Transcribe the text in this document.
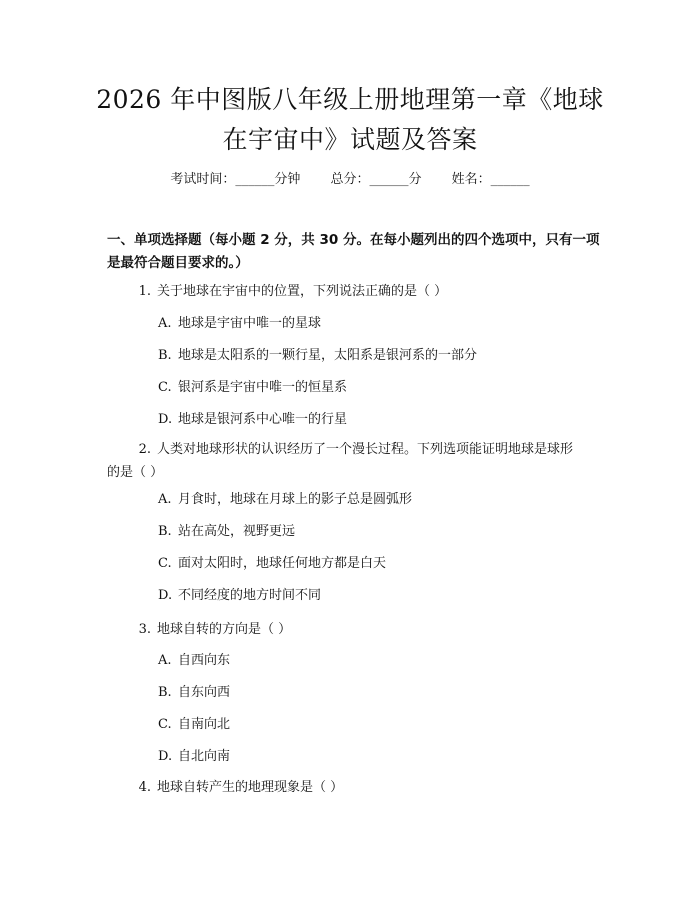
2026 年中图版八年级上册地理第一章《地球
在宇宙中》试题及答案
考试时间：______分钟 总分：______分 姓名：______
一、单项选择题（每小题 2 分，共 30 分。在每小题列出的四个选项中，只有一项
是最符合题目要求的。）
1. 关于地球在宇宙中的位置，下列说法正确的是（ ）
A. 地球是宇宙中唯一的星球
B. 地球是太阳系的一颗行星，太阳系是银河系的一部分
C. 银河系是宇宙中唯一的恒星系
D. 地球是银河系中心唯一的行星
2. 人类对地球形状的认识经历了一个漫长过程。下列选项能证明地球是球形
的是（ ）
A. 月食时，地球在月球上的影子总是圆弧形
B. 站在高处，视野更远
C. 面对太阳时，地球任何地方都是白天
D. 不同经度的地方时间不同
3. 地球自转的方向是（ ）
A. 自西向东
B. 自东向西
C. 自南向北
D. 自北向南
4. 地球自转产生的地理现象是（ ）
